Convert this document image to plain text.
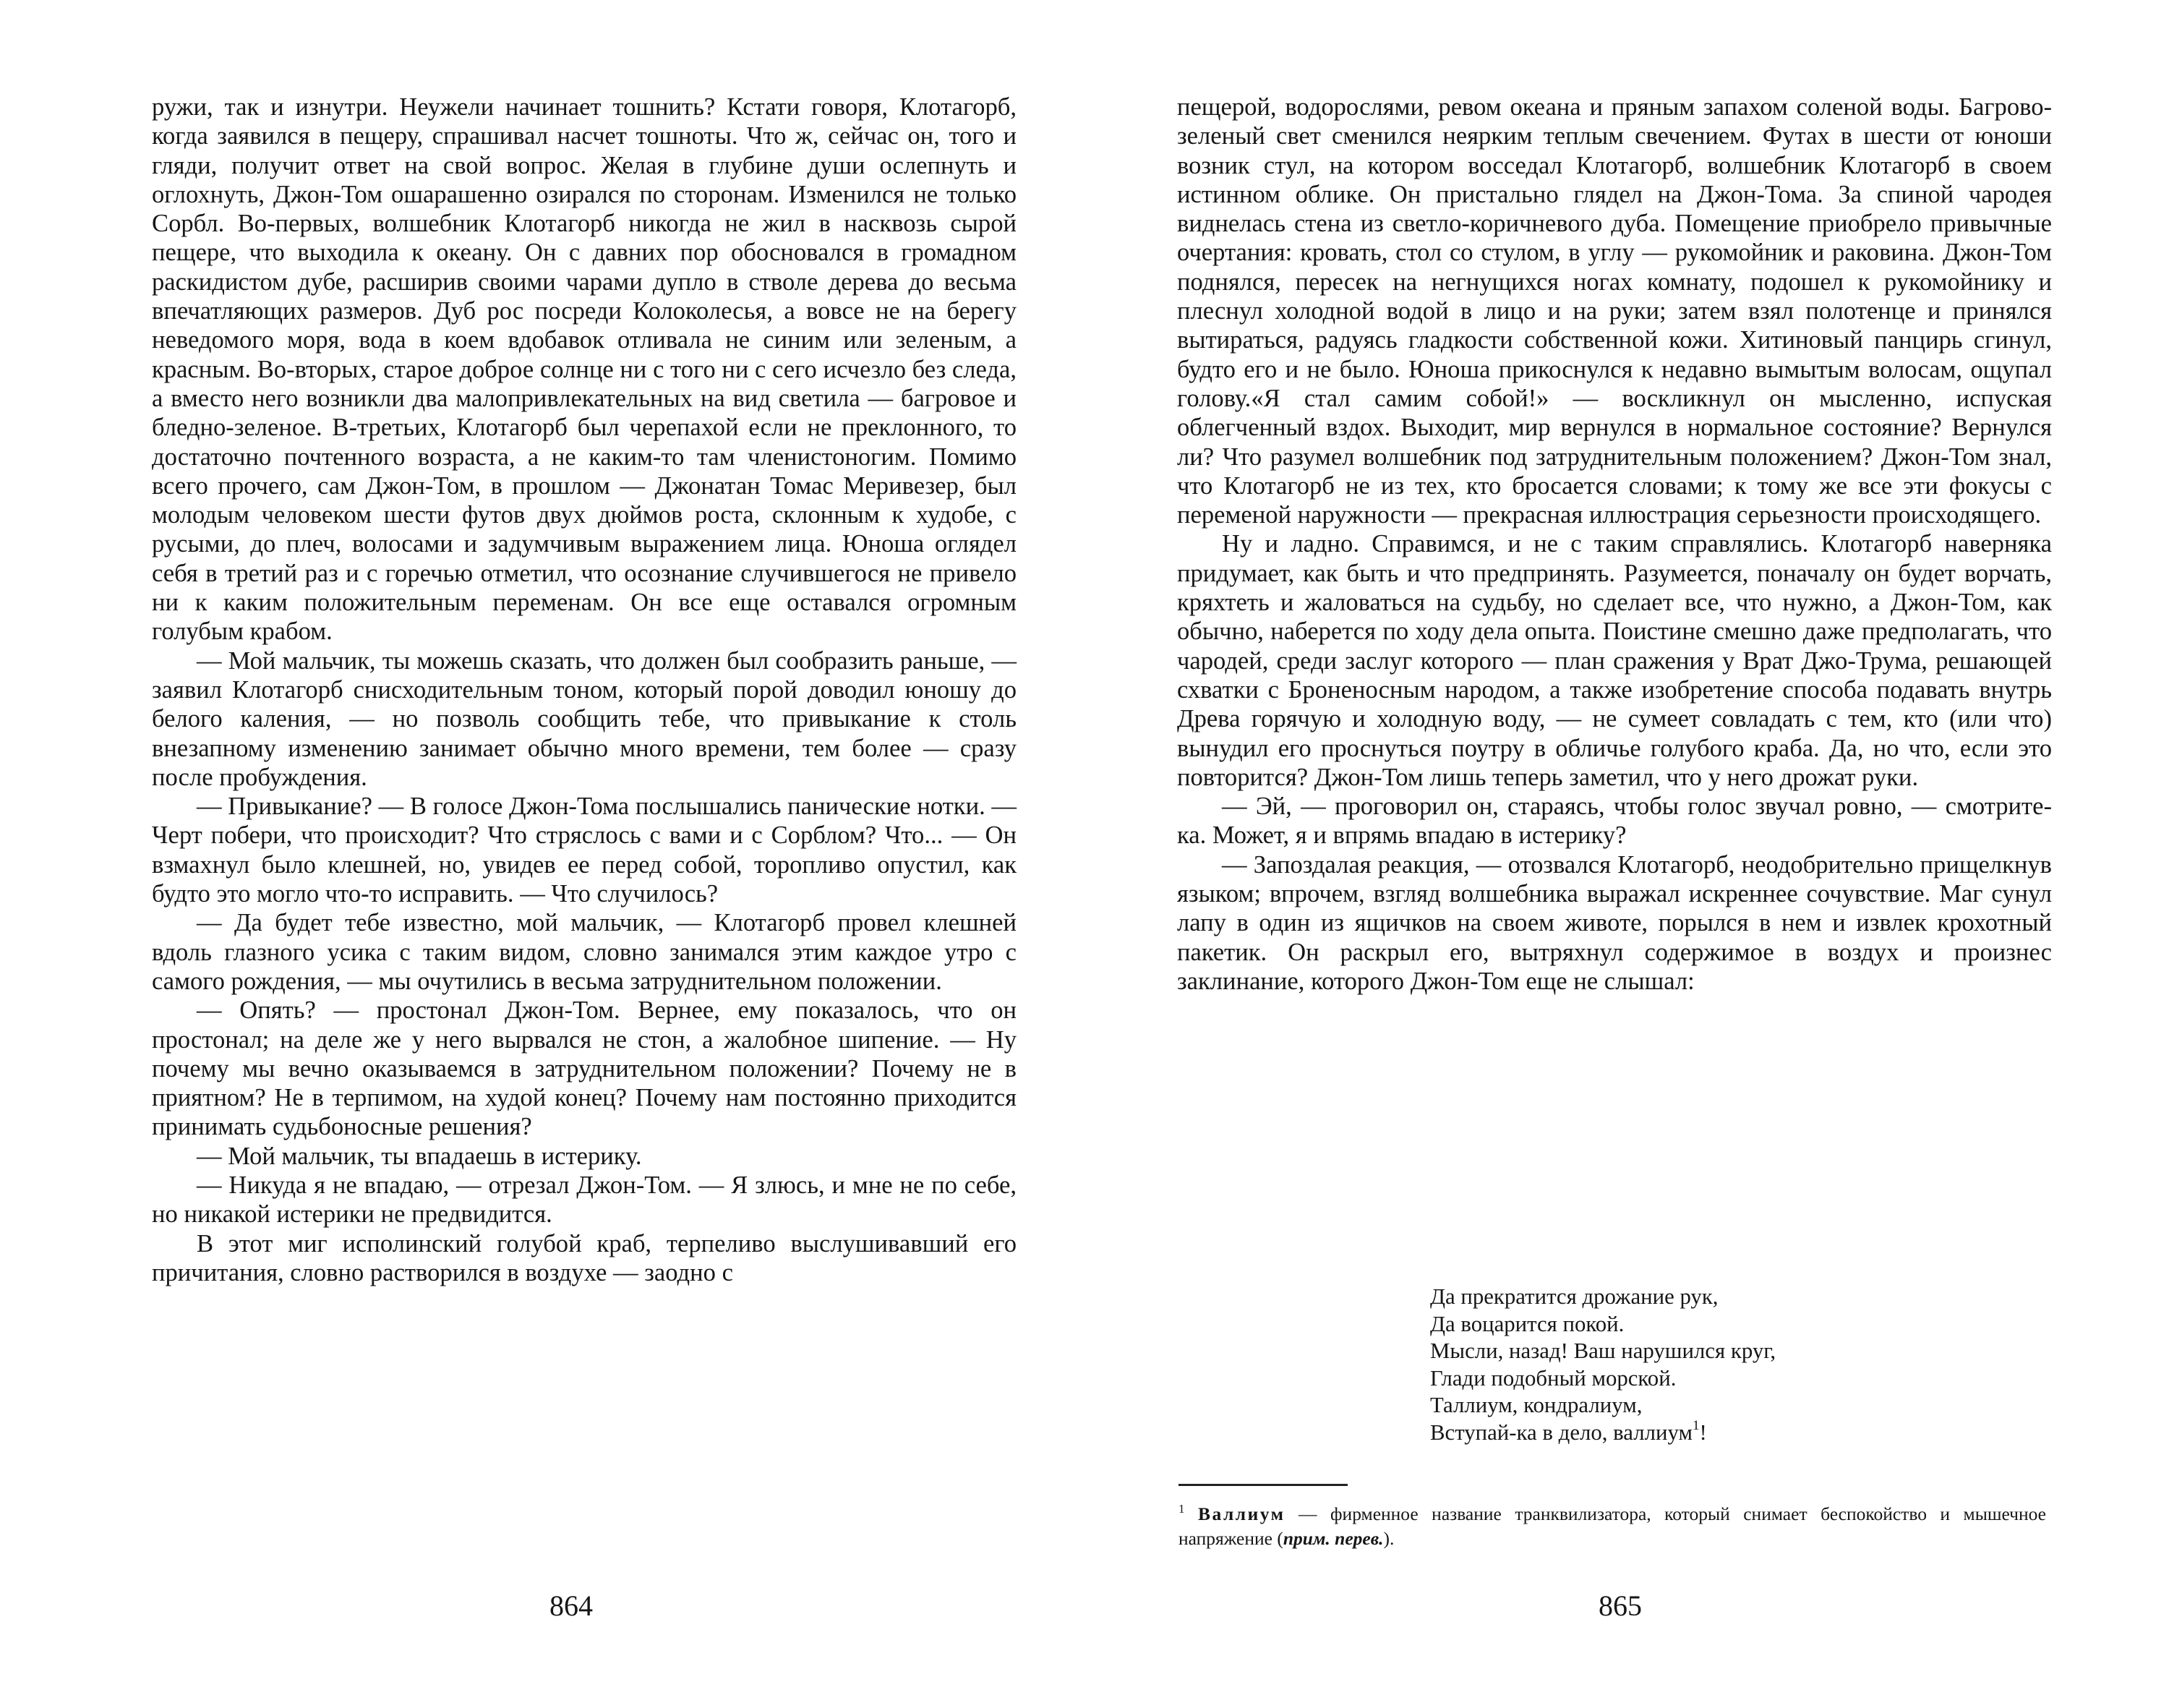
ружи, так и изнутри. Неужели начинает тошнить? Кстати говоря, Клотагорб, когда заявился в пещеру, спрашивал насчет тошноты. Что ж, сейчас он, того и гляди, получит ответ на свой вопрос. Желая в глубине души ослепнуть и оглохнуть, Джон-Том ошарашенно озирался по сторонам. Изменился не только Сорбл. Во-первых, волшебник Клотагорб никогда не жил в насквозь сырой пещере, что выходила к океану. Он с давних пор обосновался в громадном раскидистом дубе, расширив своими чарами дупло в стволе дерева до весьма впечатляющих размеров. Дуб рос посреди Колоколесья, а вовсе не на берегу неведомого моря, вода в коем вдобавок отливала не синим или зеленым, а красным. Во-вторых, старое доброе солнце ни с того ни с сего исчезло без следа, а вместо него возникли два малопривлекательных на вид светила — багровое и бледно-зеленое. В-третьих, Клотагорб был черепахой если не преклонного, то достаточно почтенного возраста, а не каким-то там членистоногим. Помимо всего прочего, сам Джон-Том, в прошлом — Джонатан Томас Меривезер, был молодым человеком шести футов двух дюймов роста, склонным к худобе, с русыми, до плеч, волосами и задумчивым выражением лица. Юноша оглядел себя в третий раз и с горечью отметил, что осознание случившегося не привело ни к каким положительным переменам. Он все еще оставался огромным голубым крабом.

— Мой мальчик, ты можешь сказать, что должен был сообразить раньше, — заявил Клотагорб снисходительным тоном, который порой доводил юношу до белого каления, — но позволь сообщить тебе, что привыкание к столь внезапному изменению занимает обычно много времени, тем более — сразу после пробуждения.

— Привыкание? — В голосе Джон-Тома послышались панические нотки. — Черт побери, что происходит? Что стряслось с вами и с Сорблом? Что... — Он взмахнул было клешней, но, увидев ее перед собой, торопливо опустил, как будто это могло что-то исправить. — Что случилось?

— Да будет тебе известно, мой мальчик, — Клотагорб провел клешней вдоль глазного усика с таким видом, словно занимался этим каждое утро с самого рождения, — мы очутились в весьма затруднительном положении.

— Опять? — простонал Джон-Том. Вернее, ему показалось, что он простонал; на деле же у него вырвался не стон, а жалобное шипение. — Ну почему мы вечно оказываемся в затруднительном положении? Почему не в приятном? Не в терпимом, на худой конец? Почему нам постоянно приходится принимать судьбоносные решения?

— Мой мальчик, ты впадаешь в истерику.

— Никуда я не впадаю, — отрезал Джон-Том. — Я злюсь, и мне не по себе, но никакой истерики не предвидится.

В этот миг исполинский голубой краб, терпеливо выслушивавший его причитания, словно растворился в воздухе — заодно с

864

пещерой, водорослями, ревом океана и пряным запахом соленой воды. Багрово-зеленый свет сменился неярким теплым свечением. Футах в шести от юноши возник стул, на котором восседал Клотагорб, волшебник Клотагорб в своем истинном облике. Он пристально глядел на Джон-Тома. За спиной чародея виднелась стена из светло-коричневого дуба. Помещение приобрело привычные очертания: кровать, стол со стулом, в углу — рукомойник и раковина. Джон-Том поднялся, пересек на негнущихся ногах комнату, подошел к рукомойнику и плеснул холодной водой в лицо и на руки; затем взял полотенце и принялся вытираться, радуясь гладкости собственной кожи. Хитиновый панцирь сгинул, будто его и не было. Юноша прикоснулся к недавно вымытым волосам, ощупал голову.«Я стал самим собой!» — воскликнул он мысленно, испуская облегченный вздох. Выходит, мир вернулся в нормальное состояние? Вернулся ли? Что разумел волшебник под затруднительным положением? Джон-Том знал, что Клотагорб не из тех, кто бросается словами; к тому же все эти фокусы с переменой наружности — прекрасная иллюстрация серьезности происходящего.

Ну и ладно. Справимся, и не с таким справлялись. Клотагорб наверняка придумает, как быть и что предпринять. Разумеется, поначалу он будет ворчать, кряхтеть и жаловаться на судьбу, но сделает все, что нужно, а Джон-Том, как обычно, наберется по ходу дела опыта. Поистине смешно даже предполагать, что чародей, среди заслуг которого — план сражения у Врат Джо-Трума, решающей схватки с Броненосным народом, а также изобретение способа подавать внутрь Древа горячую и холодную воду, — не сумеет совладать с тем, кто (или что) вынудил его проснуться поутру в обличье голубого краба. Да, но что, если это повторится? Джон-Том лишь теперь заметил, что у него дрожат руки.

— Эй, — проговорил он, стараясь, чтобы голос звучал ровно, — смотрите-ка. Может, я и впрямь впадаю в истерику?

— Запоздалая реакция, — отозвался Клотагорб, неодобрительно прищелкнув языком; впрочем, взгляд волшебника выражал искреннее сочувствие. Маг сунул лапу в один из ящичков на своем животе, порылся в нем и извлек крохотный пакетик. Он раскрыл его, вытряхнул содержимое в воздух и произнес заклинание, которого Джон-Том еще не слышал:

Да прекратится дрожание рук,
Да воцарится покой.
Мысли, назад! Ваш нарушился круг,
Глади подобный морской.
Таллиум, кондралиум,
Вступай-ка в дело, валлиум$^1$!
$^1$ Валлиум — фирменное название транквилизатора, который снимает беспокойство и мышечное напряжение (прим. перев.).
865
